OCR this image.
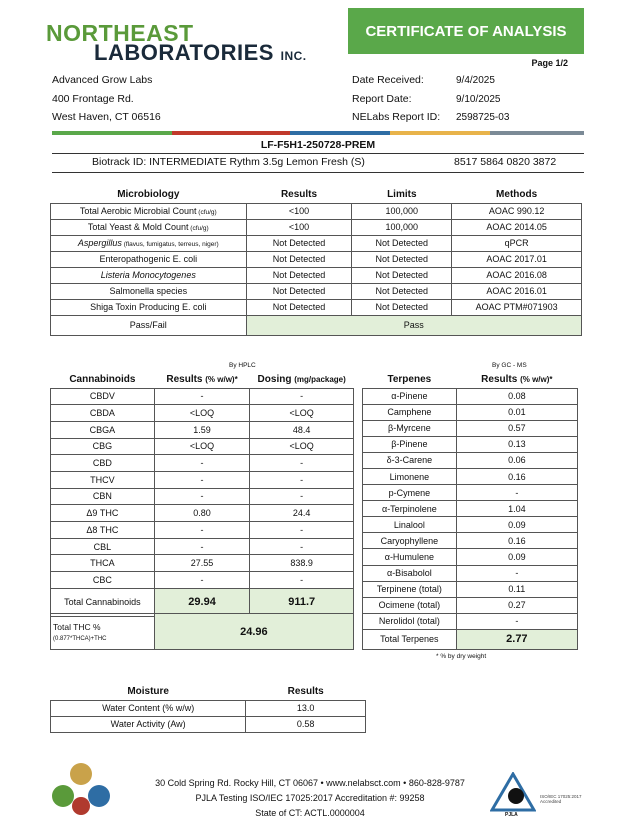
NORTHEAST
LABORATORIES INC.
CERTIFICATE OF ANALYSIS
Page 1/2
Advanced Grow Labs
400 Frontage Rd.
West Haven, CT 06516
Date Received:	9/4/2025
Report Date:	9/10/2025
NELabs Report ID: 2598725-03
LF-F5H1-250728-PREM
Biotrack ID: INTERMEDIATE Rythm 3.5g Lemon Fresh (S)	8517 5864 0820 3872
Microbiology	Results	Limits	Methods
Total Aerobic Microbial Count (cfu/g)	<100	100,000	AOAC 990.12
Total Yeast & Mold Count (cfu/g)	<100	100,000	AOAC 2014.05
Aspergillus (flavus, fumigatus, terreus, niger)	Not Detected	Not Detected	qPCR
Enteropathogenic E. coli	Not Detected	Not Detected	AOAC 2017.01
Listeria Monocytogenes	Not Detected	Not Detected	AOAC 2016.08
Salmonella species	Not Detected	Not Detected	AOAC 2016.01
Shiga Toxin Producing E. coli	Not Detected	Not Detected	AOAC PTM#071903
Pass/Fail	Pass		
By HPLC
Cannabinoids	Results (% w/w)*	Dosing (mg/package)
CBDV	-	-
CBDA	<LOQ	<LOQ
CBGA	1.59	48.4
CBG	<LOQ	<LOQ
CBD	-	-
THCV	-	-
CBN	-	-
Δ9 THC	0.80	24.4
Δ8 THC	-	-
CBL	-	-
THCA	27.55	838.9
CBC	-	-
Total Cannabinoids	29.94	911.7
Total THC % (0.877*THCA)+THC	24.96
By GC - MS
Terpenes	Results (% w/w)*
α-Pinene	0.08
Camphene	0.01
β-Myrcene	0.57
β-Pinene	0.13
δ-3-Carene	0.06
Limonene	0.16
p-Cymene	-
α-Terpinolene	1.04
Linalool	0.09
Caryophyllene	0.16
α-Humulene	0.09
α-Bisabolol	-
Terpinene (total)	0.11
Ocimene (total)	0.27
Nerolidol (total)	-
Total Terpenes	2.77
* % by dry weight
Moisture	Results
Water Content (% w/w)	13.0
Water Activity (Aw)	0.58
30 Cold Spring Rd. Rocky Hill, CT 06067 • www.nelabsct.com • 860-828-9787
PJLA Testing ISO/IEC 17025:2017 Accreditation #: 99258
State of CT: ACTL.0000004	PJLA
ISO/IEC 17025:2017 Accredited
